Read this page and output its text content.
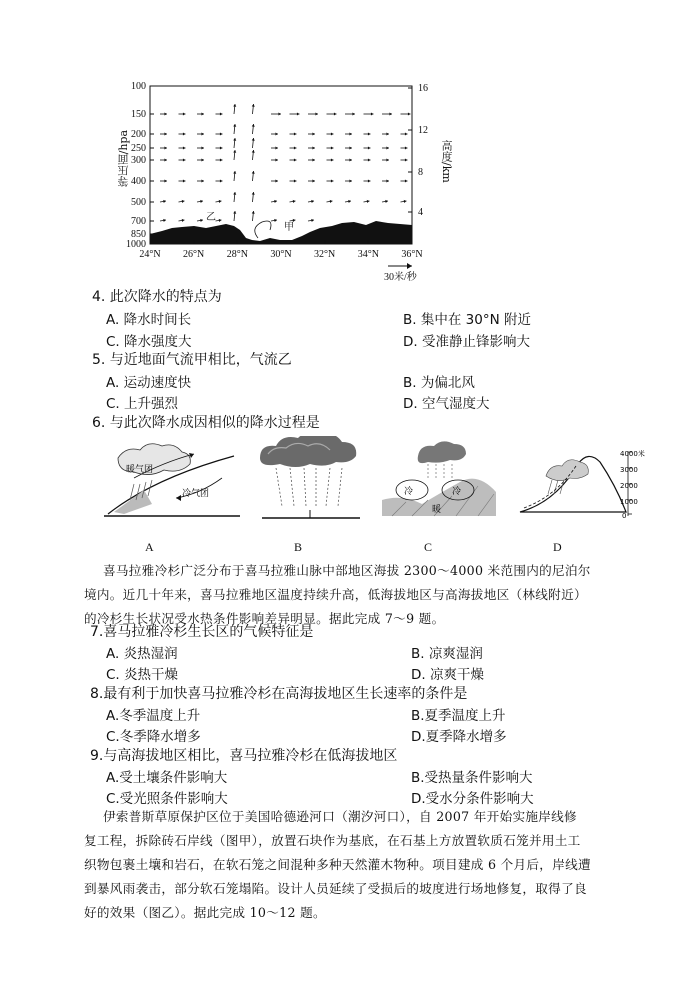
100
150
200
250
300
400
500
700
850
1000
16
12
8
4
24°N 26°N 28°N 30°N 32°N 34°N 36°N
乙
甲
30米/秒
等压面/hpa	高度/km
4. 此次降水的特点为
A. 降水时间长	B. 集中在 30°N 附近
C. 降水强度大	D. 受准静止锋影响大
5. 与近地面气流甲相比，气流乙
A. 运动速度快	B. 为偏北风
C. 上升强烈	D. 空气湿度大
6. 与此次降水成因相似的降水过程是
暖气团
冷气团
A	B
冷
暖
冷
C
4000米
3000
2000
1000
0
D
喜马拉雅冷杉广泛分布于喜马拉雅山脉中部地区海拔 2300～4000 米范围内的尼泊尔
境内。近几十年来，喜马拉雅地区温度持续升高，低海拔地区与高海拔地区（林线附近）
的冷杉生长状况受水热条件影响差异明显。据此完成 7～9 题。
7.喜马拉雅冷杉生长区的气候特征是
A. 炎热湿润	B. 凉爽湿润
C. 炎热干燥	D. 凉爽干燥
8.最有利于加快喜马拉雅冷杉在高海拔地区生长速率的条件是
A.冬季温度上升	B.夏季温度上升
C.冬季降水增多	D.夏季降水增多
9.与高海拔地区相比，喜马拉雅冷杉在低海拔地区
A.受土壤条件影响大	B.受热量条件影响大
C.受光照条件影响大	D.受水分条件影响大
伊索普斯草原保护区位于美国哈德逊河口（潮汐河口），自 2007 年开始实施岸线修
复工程，拆除砖石岸线（图甲），放置石块作为基底，在石基上方放置软质石笼并用土工
织物包裹土壤和岩石，在软石笼之间混种多种天然灌木物种。项目建成 6 个月后，岸线遭
到暴风雨袭击，部分软石笼塌陷。设计人员延续了受损后的坡度进行场地修复，取得了良
好的效果（图乙）。据此完成 10～12 题。
